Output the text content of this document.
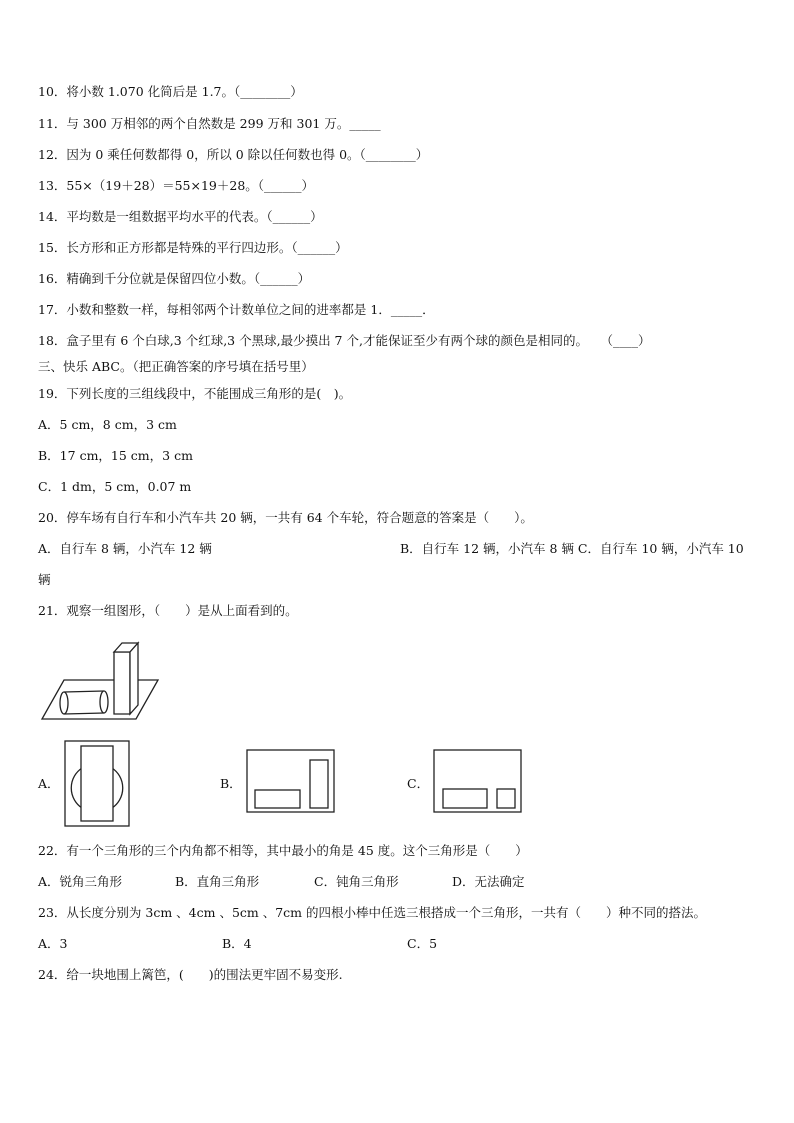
10．将小数 1.070 化简后是 1.7。（________）
11．与 300 万相邻的两个自然数是 299 万和 301 万。_____
12．因为 0 乘任何数都得 0，所以 0 除以任何数也得 0。（________）
13．55×（19＋28）＝55×19＋28。（______）
14．平均数是一组数据平均水平的代表。（______）
15．长方形和正方形都是特殊的平行四边形。（______）
16．精确到千分位就是保留四位小数。（______）
17．小数和整数一样，每相邻两个计数单位之间的进率都是 1．_____．
18．盒子里有 6 个白球,3 个红球,3 个黑球,最少摸出 7 个,才能保证至少有两个球的颜色是相同的。　　（____）
三、快乐 ABC。（把正确答案的序号填在括号里）
19．下列长度的三组线段中，不能围成三角形的是(　)。
A．5 cm，8 cm，3 cm
B．17 cm，15 cm，3 cm
C．1 dm，5 cm，0.07 m
20．停车场有自行车和小汽车共 20 辆，一共有 64 个车轮，符合题意的答案是（　　）。
A．自行车 8 辆，小汽车 12 辆	B．自行车 12 辆，小汽车 8 辆 C．自行车 10 辆，小汽车 10
辆
21．观察一组图形，（　　）是从上面看到的。
A．	B．	C．
22．有一个三角形的三个内角都不相等，其中最小的角是 45 度。这个三角形是（　　）
A．锐角三角形	B．直角三角形	C．钝角三角形	D．无法确定
23．从长度分别为 3cm 、4cm 、5cm 、7cm 的四根小棒中任选三根搭成一个三角形，一共有（　　）种不同的搭法。
A．3	B．4	C．5
24．给一块地围上篱笆，(　　)的围法更牢固不易变形.
